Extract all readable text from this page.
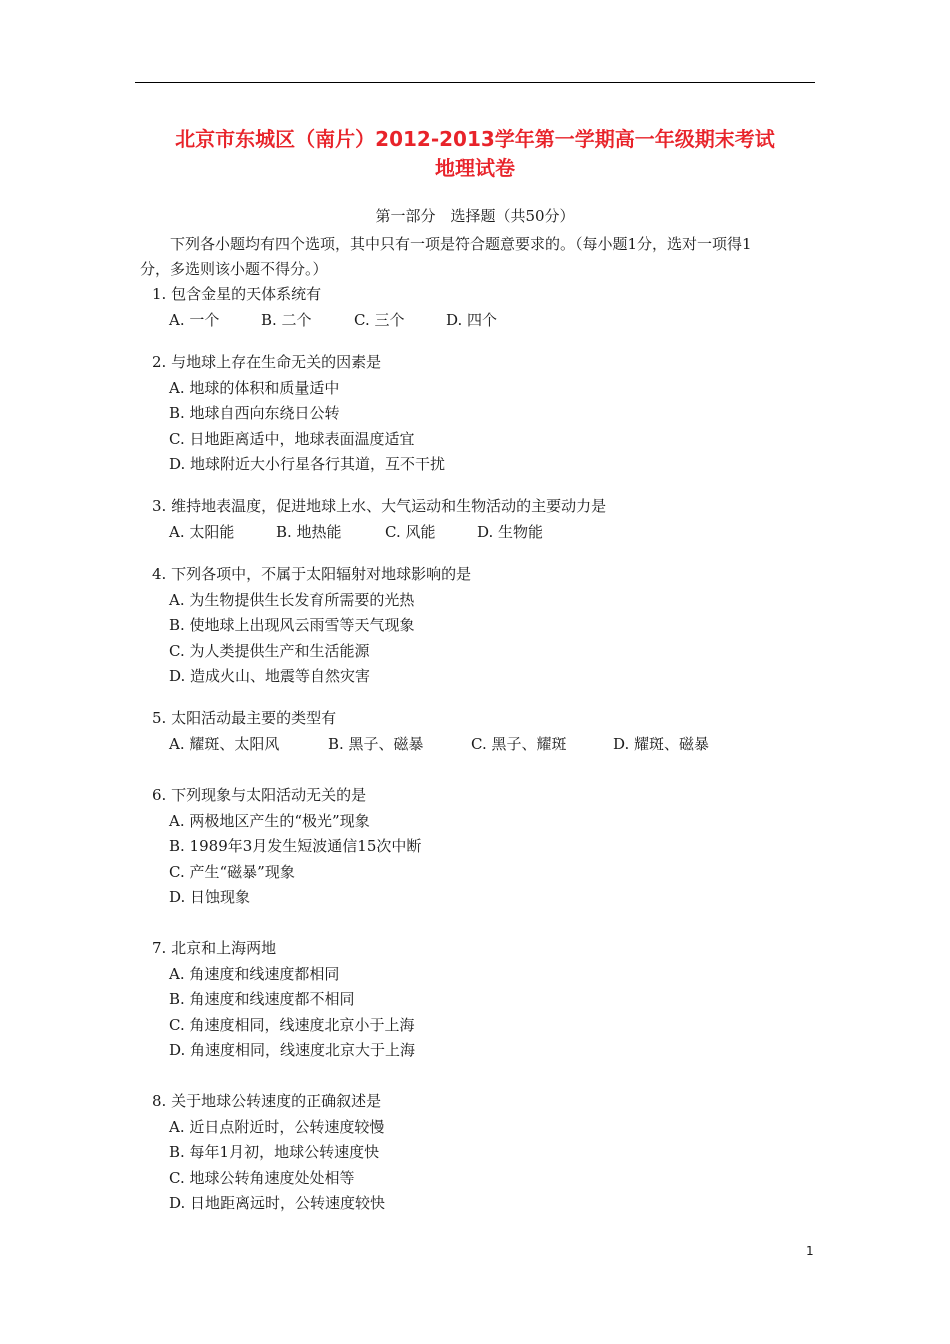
北京市东城区（南片）2012-2013学年第一学期高一年级期末考试
地理试卷
第一部分　选择题（共50分）
下列各小题均有四个选项，其中只有一项是符合题意要求的。（每小题1分，选对一项得1
分，多选则该小题不得分。）
1. 包含金星的天体系统有
A. 一个	B. 二个	C. 三个	D. 四个
2. 与地球上存在生命无关的因素是
A. 地球的体积和质量适中
B. 地球自西向东绕日公转
C. 日地距离适中，地球表面温度适宜
D. 地球附近大小行星各行其道，互不干扰
3. 维持地表温度，促进地球上水、大气运动和生物活动的主要动力是
A. 太阳能	B. 地热能	C. 风能	D. 生物能
4. 下列各项中，不属于太阳辐射对地球影响的是
A. 为生物提供生长发育所需要的光热
B. 使地球上出现风云雨雪等天气现象
C. 为人类提供生产和生活能源
D. 造成火山、地震等自然灾害
5. 太阳活动最主要的类型有
A. 耀斑、太阳风	B. 黑子、磁暴	C. 黑子、耀斑	D. 耀斑、磁暴
6. 下列现象与太阳活动无关的是
A. 两极地区产生的“极光”现象
B. 1989年3月发生短波通信15次中断
C. 产生“磁暴”现象
D. 日蚀现象
7. 北京和上海两地
A. 角速度和线速度都相同
B. 角速度和线速度都不相同
C. 角速度相同，线速度北京小于上海
D. 角速度相同，线速度北京大于上海
8. 关于地球公转速度的正确叙述是
A. 近日点附近时，公转速度较慢
B. 每年1月初，地球公转速度快
C. 地球公转角速度处处相等
D. 日地距离远时，公转速度较快
1
